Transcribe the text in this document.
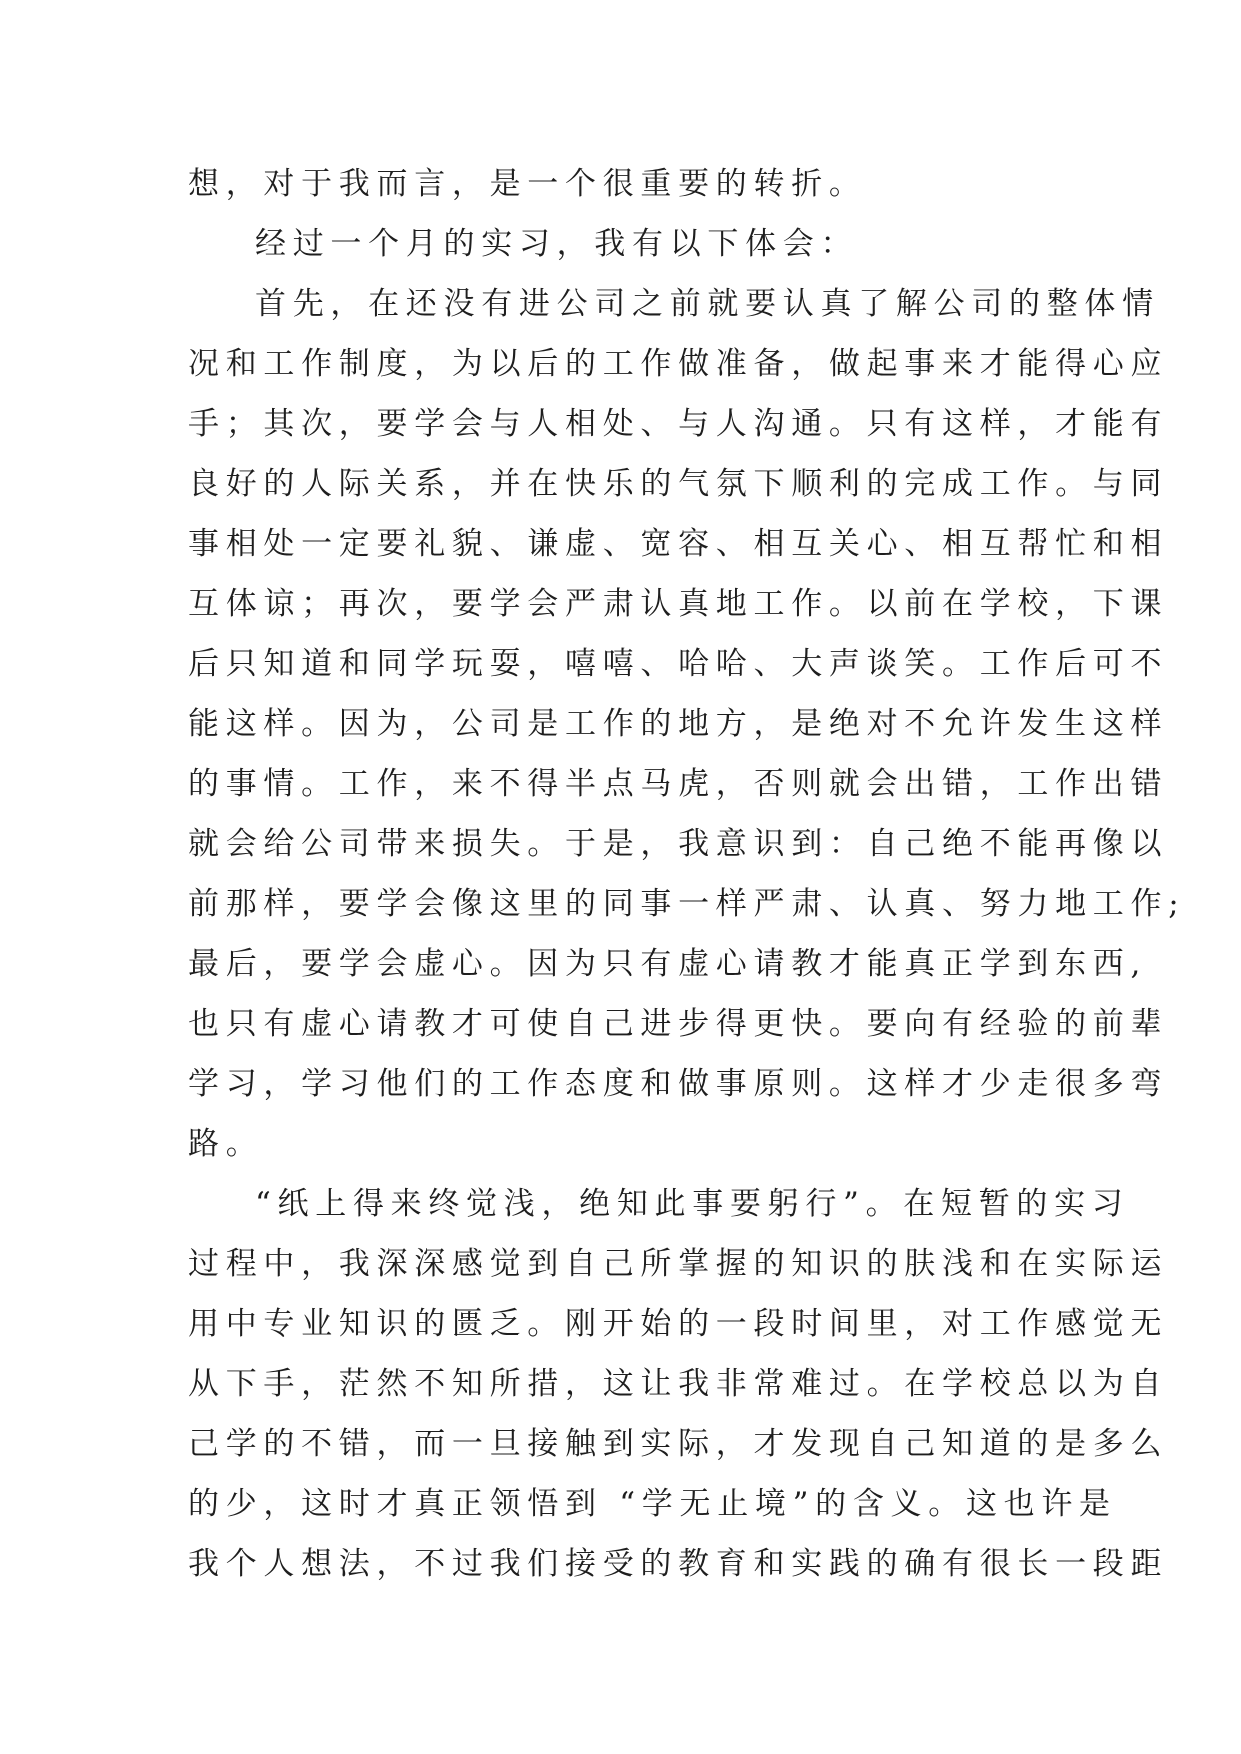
想，对于我而言，是一个很重要的转折。
经过一个月的实习，我有以下体会：
首先，在还没有进公司之前就要认真了解公司的整体情
况和工作制度，为以后的工作做准备，做起事来才能得心应
手；其次，要学会与人相处、与人沟通。只有这样，才能有
良好的人际关系，并在快乐的气氛下顺利的完成工作。与同
事相处一定要礼貌、谦虚、宽容、相互关心、相互帮忙和相
互体谅；再次，要学会严肃认真地工作。以前在学校，下课
后只知道和同学玩耍，嘻嘻、哈哈、大声谈笑。工作后可不
能这样。因为，公司是工作的地方，是绝对不允许发生这样
的事情。工作，来不得半点马虎，否则就会出错，工作出错
就会给公司带来损失。于是，我意识到：自己绝不能再像以
前那样，要学会像这里的同事一样严肃、认真、努力地工作;
最后，要学会虚心。因为只有虚心请教才能真正学到东西,
也只有虚心请教才可使自己进步得更快。要向有经验的前辈
学习，学习他们的工作态度和做事原则。这样才少走很多弯
路。
“纸上得来终觉浅，绝知此事要躬行”。在短暂的实习
过程中，我深深感觉到自己所掌握的知识的肤浅和在实际运
用中专业知识的匮乏。刚开始的一段时间里，对工作感觉无
从下手，茫然不知所措，这让我非常难过。在学校总以为自
己学的不错，而一旦接触到实际，才发现自己知道的是多么
的少，这时才真正领悟到 “学无止境”的含义。这也许是
我个人想法，不过我们接受的教育和实践的确有很长一段距
